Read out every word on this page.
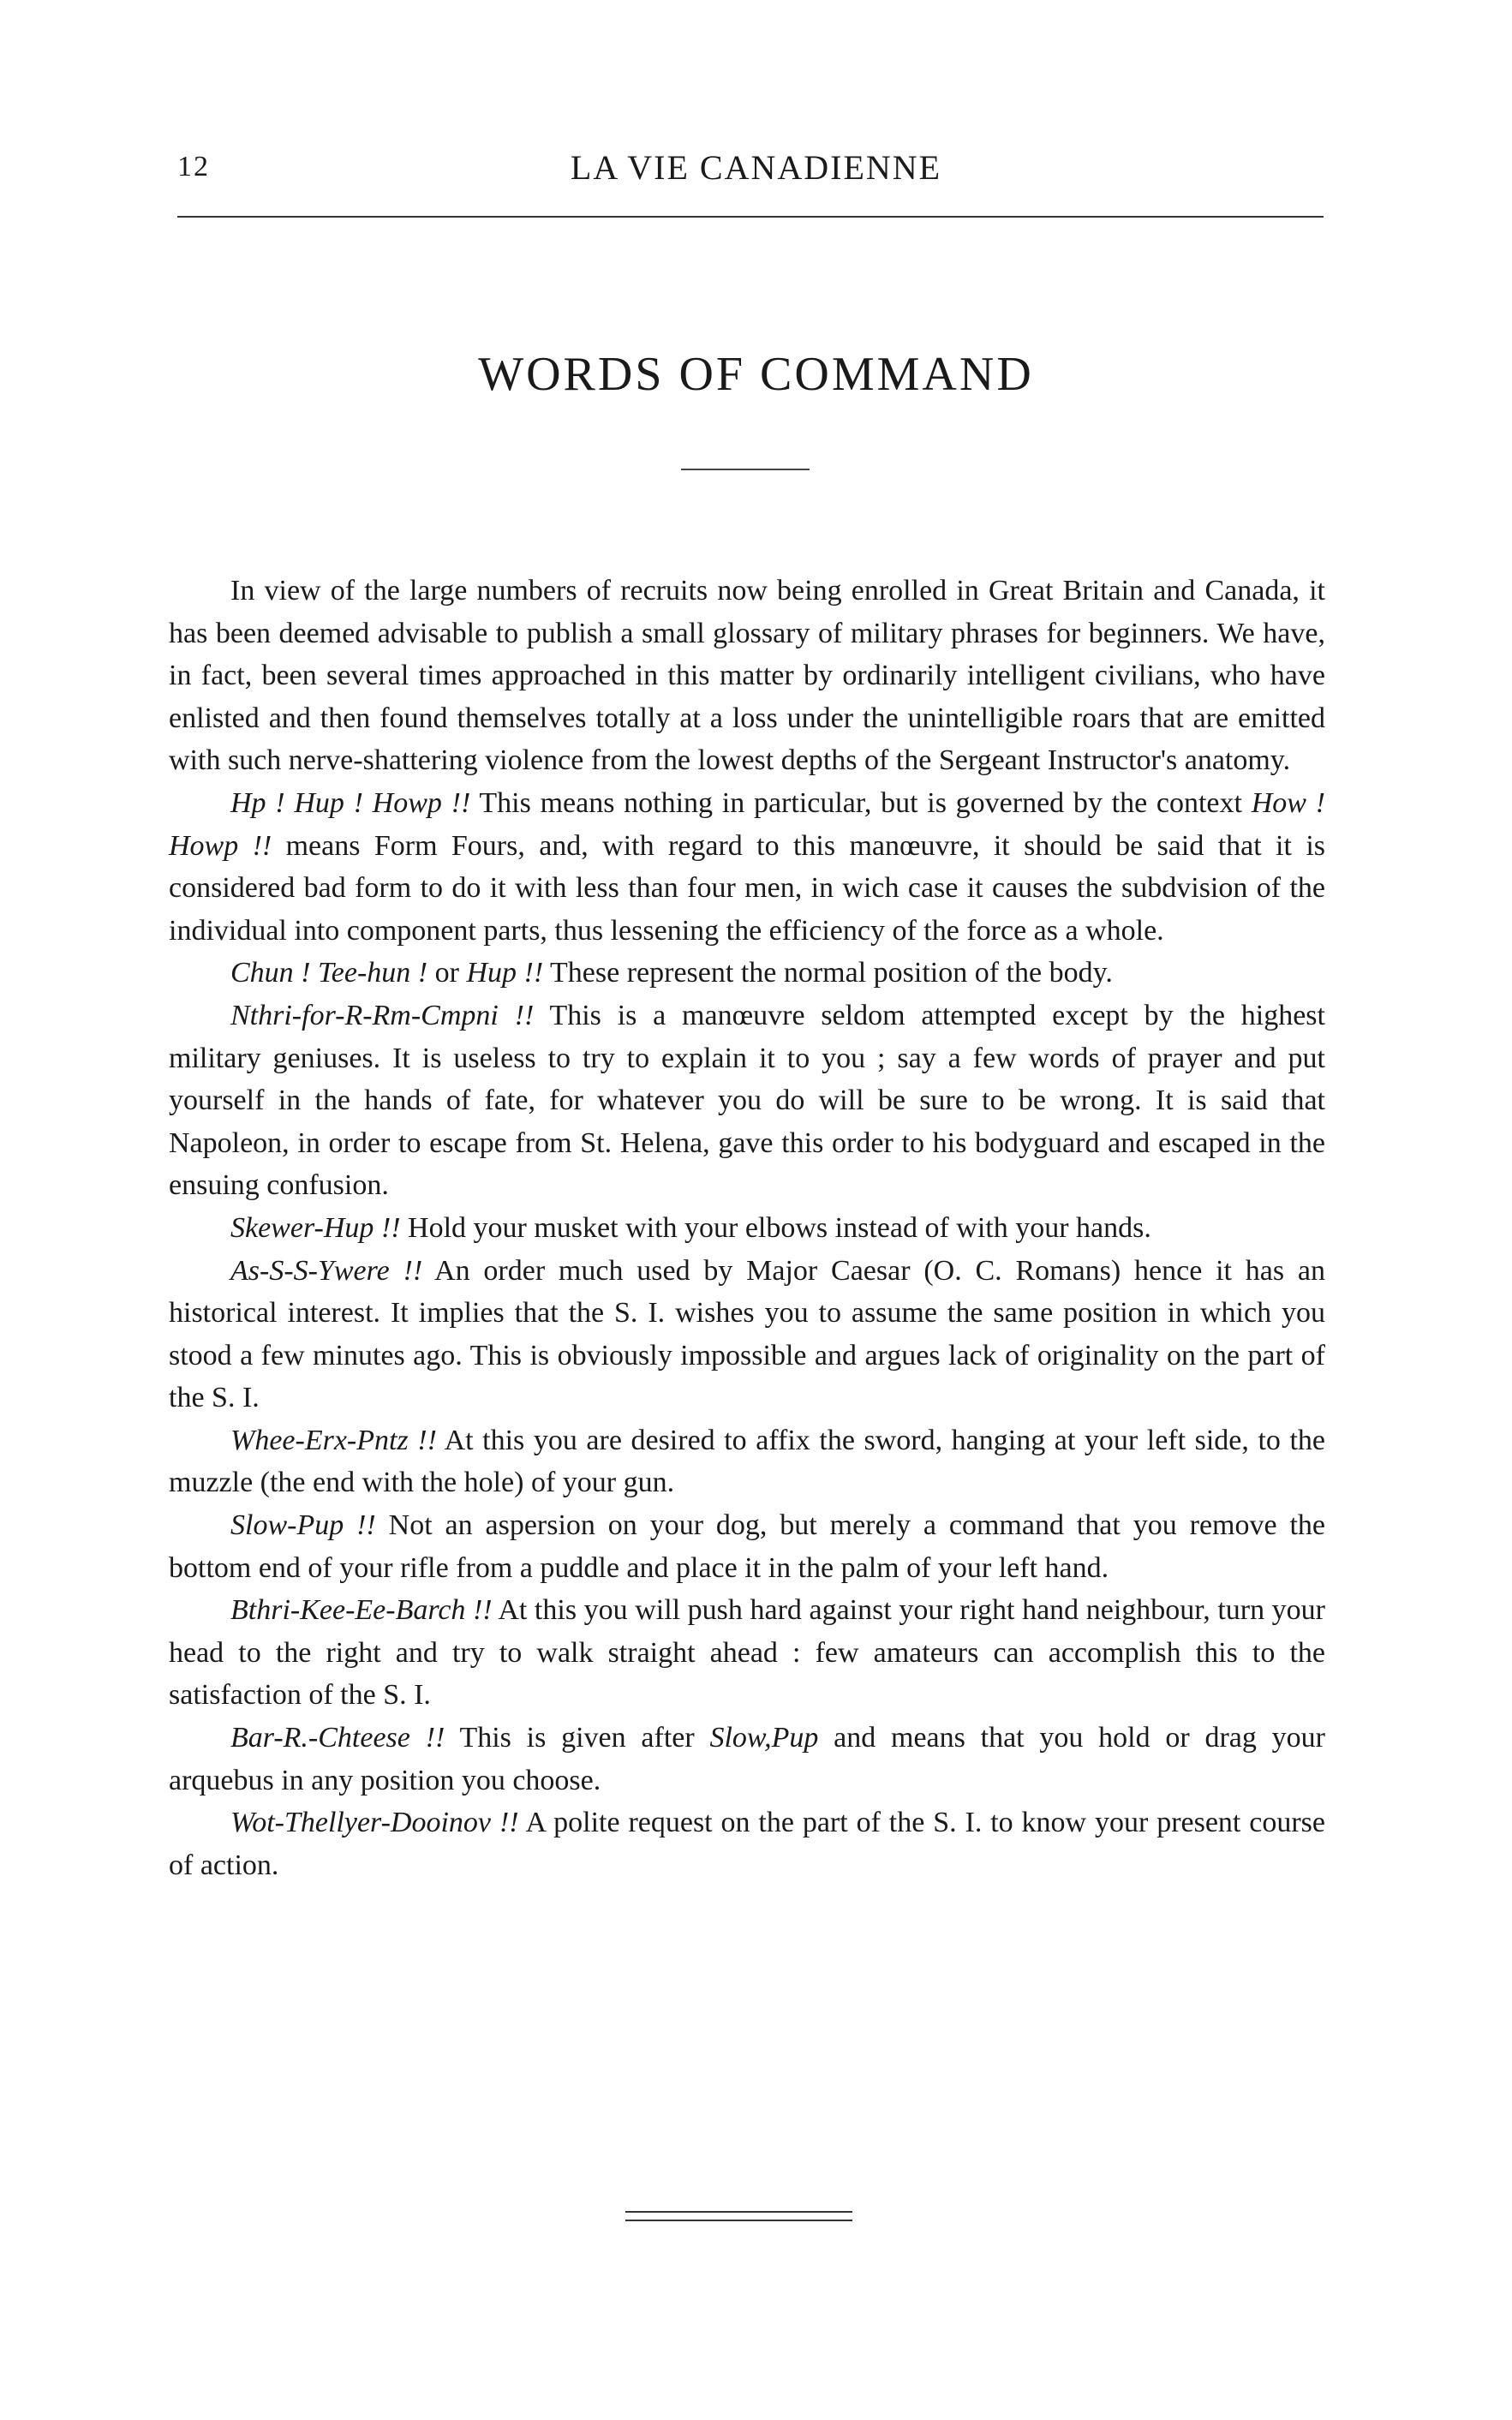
12	LA VIE CANADIENNE
WORDS OF COMMAND

In view of the large numbers of recruits now being enrolled in Great Britain and Canada, it has been deemed advisable to publish a small glossary of military phrases for beginners. We have, in fact, been several times approached in this matter by ordinarily intelligent civilians, who have enlisted and then found themselves totally at a loss under the unintelligible roars that are emitted with such nerve-shattering violence from the lowest depths of the Sergeant Instructor's anatomy.

Hp ! Hup ! Howp !! This means nothing in particular, but is governed by the context How ! Howp !! means Form Fours, and, with regard to this manœuvre, it should be said that it is considered bad form to do it with less than four men, in wich case it causes the subdvision of the individual into component parts, thus lessening the efficiency of the force as a whole.

Chun ! Tee-hun ! or Hup !! These represent the normal position of the body.

Nthri-for-R-Rm-Cmpni !! This is a manœuvre seldom attempted except by the highest military geniuses. It is useless to try to explain it to you ; say a few words of prayer and put yourself in the hands of fate, for whatever you do will be sure to be wrong. It is said that Napoleon, in order to escape from St. Helena, gave this order to his bodyguard and escaped in the ensuing confusion.

Skewer-Hup !! Hold your musket with your elbows instead of with your hands.

As-S-S-Ywere !! An order much used by Major Caesar (O. C. Romans) hence it has an historical interest. It implies that the S. I. wishes you to assume the same position in which you stood a few minutes ago. This is obviously impossible and argues lack of originality on the part of the S. I.

Whee-Erx-Pntz !! At this you are desired to affix the sword, hanging at your left side, to the muzzle (the end with the hole) of your gun.

Slow-Pup !! Not an aspersion on your dog, but merely a command that you remove the bottom end of your rifle from a puddle and place it in the palm of your left hand.

Bthri-Kee-Ee-Barch !! At this you will push hard against your right hand neighbour, turn your head to the right and try to walk straight ahead : few amateurs can accomplish this to the satisfaction of the S. I.

Bar-R.-Chteese !! This is given after Slow,Pup and means that you hold or drag your arquebus in any position you choose.

Wot-Thellyer-Dooinov !! A polite request on the part of the S. I. to know your present course of action.
